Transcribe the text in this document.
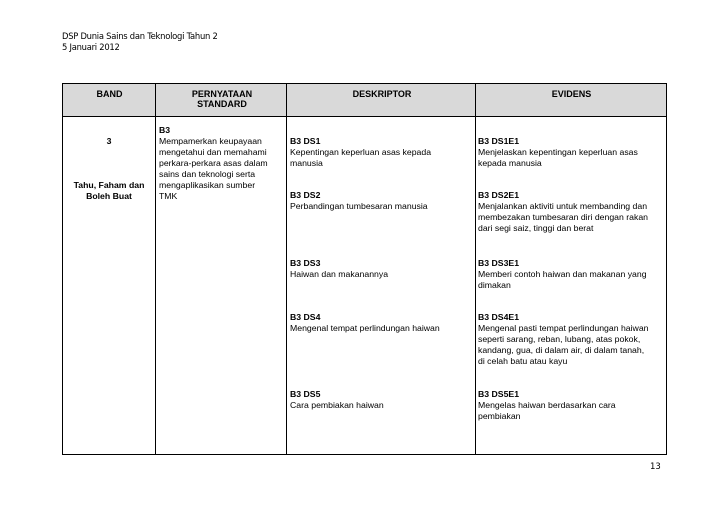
DSP Dunia Sains dan Teknologi Tahun 2
5 Januari 2012
BAND	PERNYATAAN
STANDARD
DESKRIPTOR	EVIDENS
3
Tahu, Faham dan
Boleh Buat
B3
Mempamerkan keupayaan
mengetahui dan memahami
perkara-perkara asas dalam
sains dan teknologi serta
mengaplikasikan sumber
TMK
B3 DS1
Kepentingan keperluan asas kepada
manusia
B3 DS2
Perbandingan tumbesaran manusia
B3 DS3
Haiwan dan makanannya
B3 DS4
Mengenal tempat perlindungan haiwan
B3 DS5
Cara pembiakan haiwan
B3 DS1E1
Menjelaskan kepentingan keperluan asas
kepada manusia
B3 DS2E1
Menjalankan aktiviti untuk membanding dan
membezakan tumbesaran diri dengan rakan
dari segi saiz, tinggi dan berat
B3 DS3E1
Memberi contoh haiwan dan makanan yang
dimakan
B3 DS4E1
Mengenal pasti tempat perlindungan haiwan
seperti sarang, reban, lubang, atas pokok,
kandang, gua, di dalam air, di dalam tanah,
di celah batu atau kayu
B3 DS5E1
Mengelas haiwan berdasarkan cara
pembiakan
13
